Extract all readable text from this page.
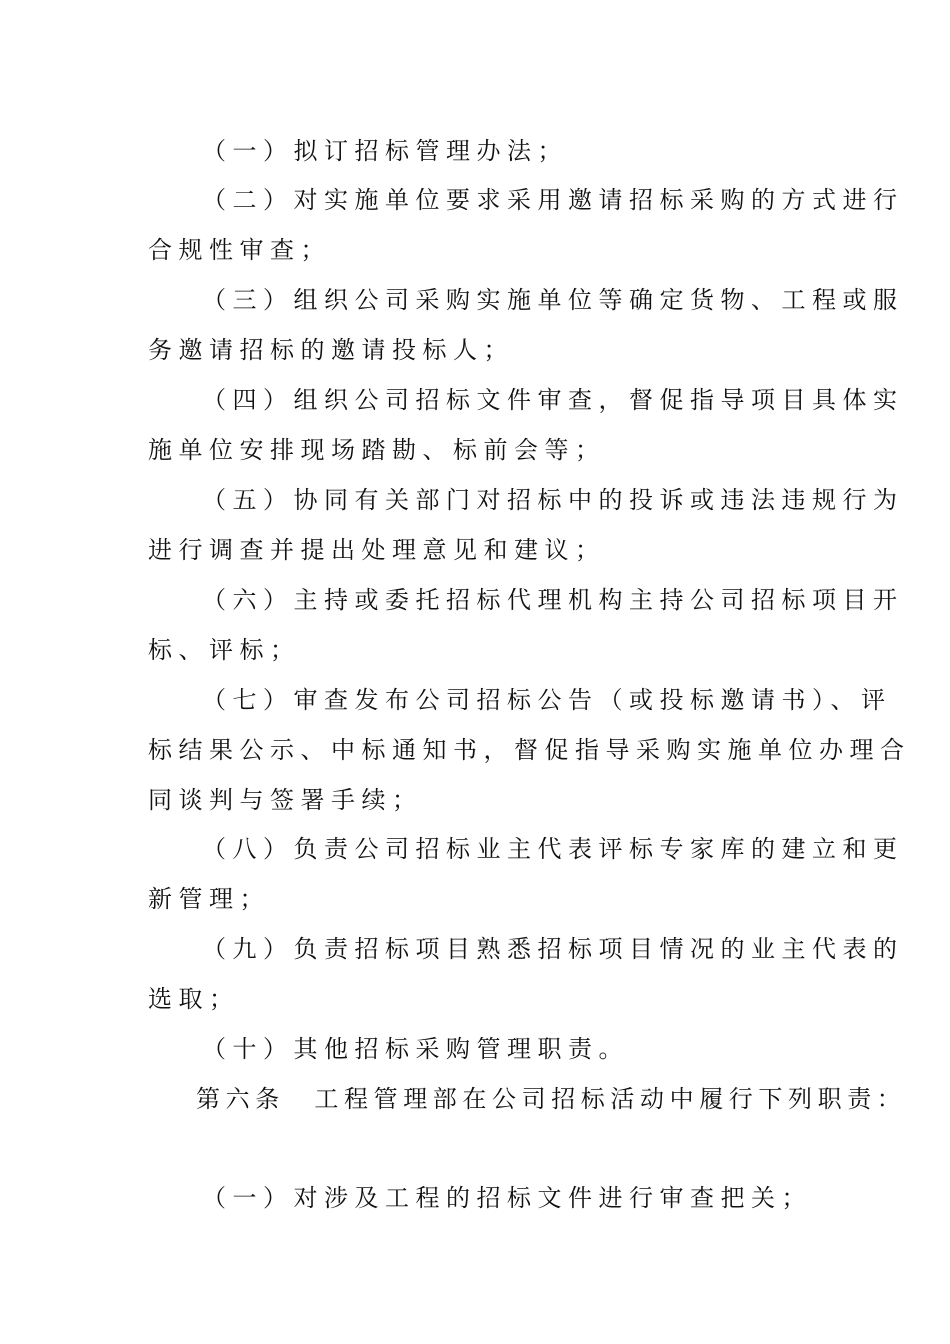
（一）拟订招标管理办法；
（二）对实施单位要求采用邀请招标采购的方式进行
合规性审查；
（三）组织公司采购实施单位等确定货物、工程或服
务邀请招标的邀请投标人；
（四）组织公司招标文件审查，督促指导项目具体实
施单位安排现场踏勘、标前会等；
（五）协同有关部门对招标中的投诉或违法违规行为
进行调查并提出处理意见和建议；
（六）主持或委托招标代理机构主持公司招标项目开
标、评标；
（七）审查发布公司招标公告（或投标邀请书）、评
标结果公示、中标通知书，督促指导采购实施单位办理合
同谈判与签署手续；
（八）负责公司招标业主代表评标专家库的建立和更
新管理；
（九）负责招标项目熟悉招标项目情况的业主代表的
选取；
（十）其他招标采购管理职责。
第六条　工程管理部在公司招标活动中履行下列职责：
（一）对涉及工程的招标文件进行审查把关；
